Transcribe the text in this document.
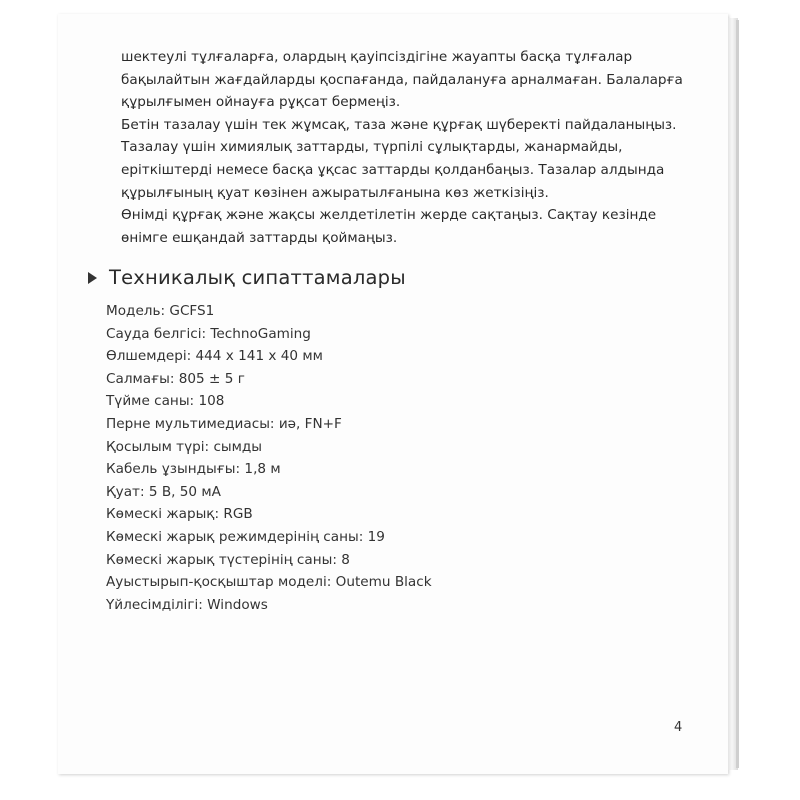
шектеулі тұлғаларға, олардың қауіпсіздігіне жауапты басқа тұлғалар
бақылайтын жағдайларды қоспағанда, пайдалануға арналмаған. Балаларға
құрылғымен ойнауға рұқсат бермеңіз.
Бетін тазалау үшін тек жұмсақ, таза және құрғақ шүберекті пайдаланыңыз.
Тазалау үшін химиялық заттарды, түрпілі сұлықтарды, жанармайды,
еріткіштерді немесе басқа ұқсас заттарды қолданбаңыз. Тазалар алдында
құрылғының қуат көзінен ажыратылғанына көз жеткізіңіз.
Өнімді құрғақ және жақсы желдетілетін жерде сақтаңыз. Сақтау кезінде
өнімге ешқандай заттарды қоймаңыз.
Техникалық сипаттамалары
Модель: GCFS1
Сауда белгісі: TechnoGaming
Өлшемдері: 444 x 141 x 40 мм
Салмағы: 805 ± 5 г
Түйме саны: 108
Перне мультимедиасы: иә, FN+F
Қосылым түрі: сымды
Кабель ұзындығы: 1,8 м
Қуат: 5 В, 50 мА
Көмескі жарық: RGB
Көмескі жарық режимдерінің саны: 19
Көмескі жарық түстерінің саны: 8
Ауыстырып-қосқыштар моделі: Outemu Black
Үйлесімділігі: Windows
4
